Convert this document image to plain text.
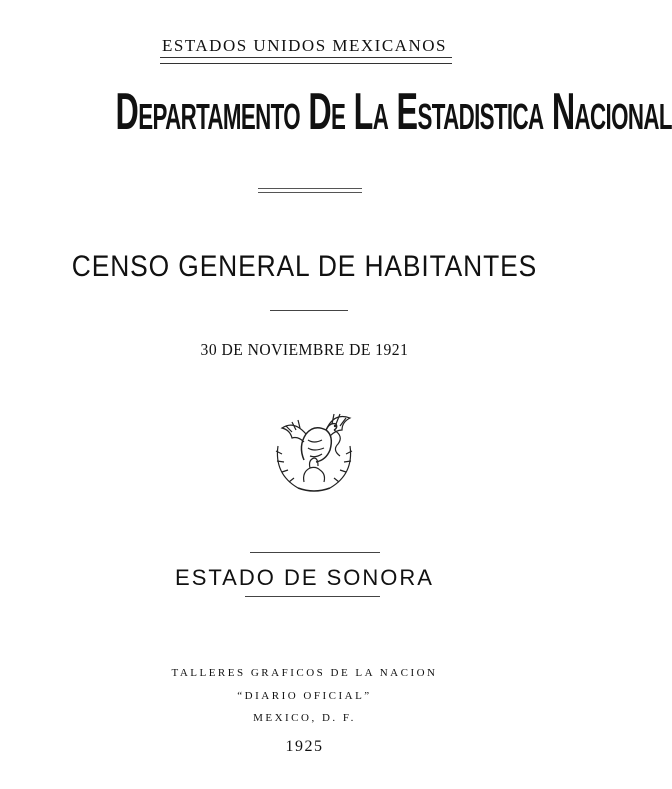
ESTADOS UNIDOS MEXICANOS
DEPARTAMENTO DE LA ESTADISTICA NACIONAL
CENSO GENERAL DE HABITANTES
30 DE NOVIEMBRE DE 1921
ESTADO DE SONORA
TALLERES GRAFICOS DE LA NACION
“DIARIO OFICIAL”
MEXICO, D. F.
1925
